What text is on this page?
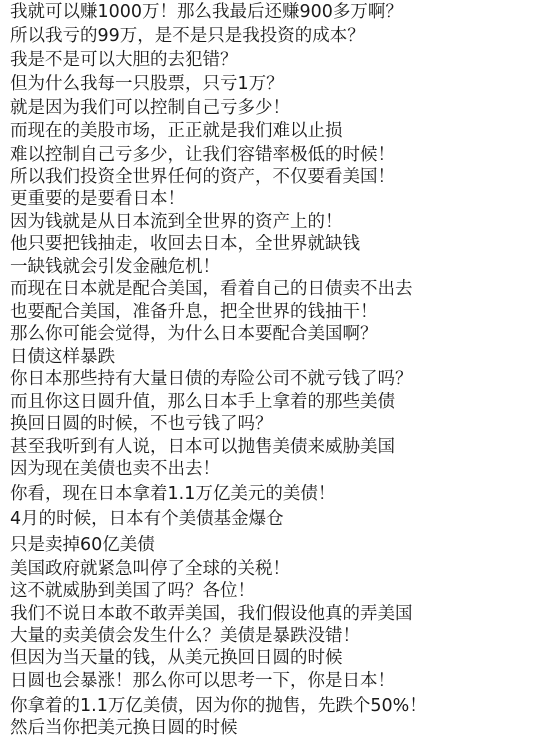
我就可以赚1000万！那么我最后还赚900多万啊？
所以我亏的99万，是不是只是我投资的成本？
我是不是可以大胆的去犯错？
但为什么我每一只股票，只亏1万？
就是因为我们可以控制自己亏多少！
而现在的美股市场，正正就是我们难以止损
难以控制自己亏多少，让我们容错率极低的时候！
所以我们投资全世界任何的资产，不仅要看美国！
更重要的是要看日本！
因为钱就是从日本流到全世界的资产上的！
他只要把钱抽走，收回去日本，全世界就缺钱
一缺钱就会引发金融危机！
而现在日本就是配合美国，看着自己的日债卖不出去
也要配合美国，准备升息，把全世界的钱抽干！
那么你可能会觉得，为什么日本要配合美国啊？
日债这样暴跌
你日本那些持有大量日债的寿险公司不就亏钱了吗？
而且你这日圆升值，那么日本手上拿着的那些美债
换回日圆的时候，不也亏钱了吗？
甚至我听到有人说，日本可以抛售美债来威胁美国
因为现在美债也卖不出去！
你看，现在日本拿着1.1万亿美元的美债！
4月的时候，日本有个美债基金爆仓
只是卖掉60亿美债
美国政府就紧急叫停了全球的关税！
这不就威胁到美国了吗？各位！
我们不说日本敢不敢弄美国，我们假设他真的弄美国
大量的卖美债会发生什么？美债是暴跌没错！
但因为当天量的钱，从美元换回日圆的时候
日圆也会暴涨！那么你可以思考一下，你是日本！
你拿着的1.1万亿美债，因为你的抛售，先跌个50%！
然后当你把美元换日圆的时候
